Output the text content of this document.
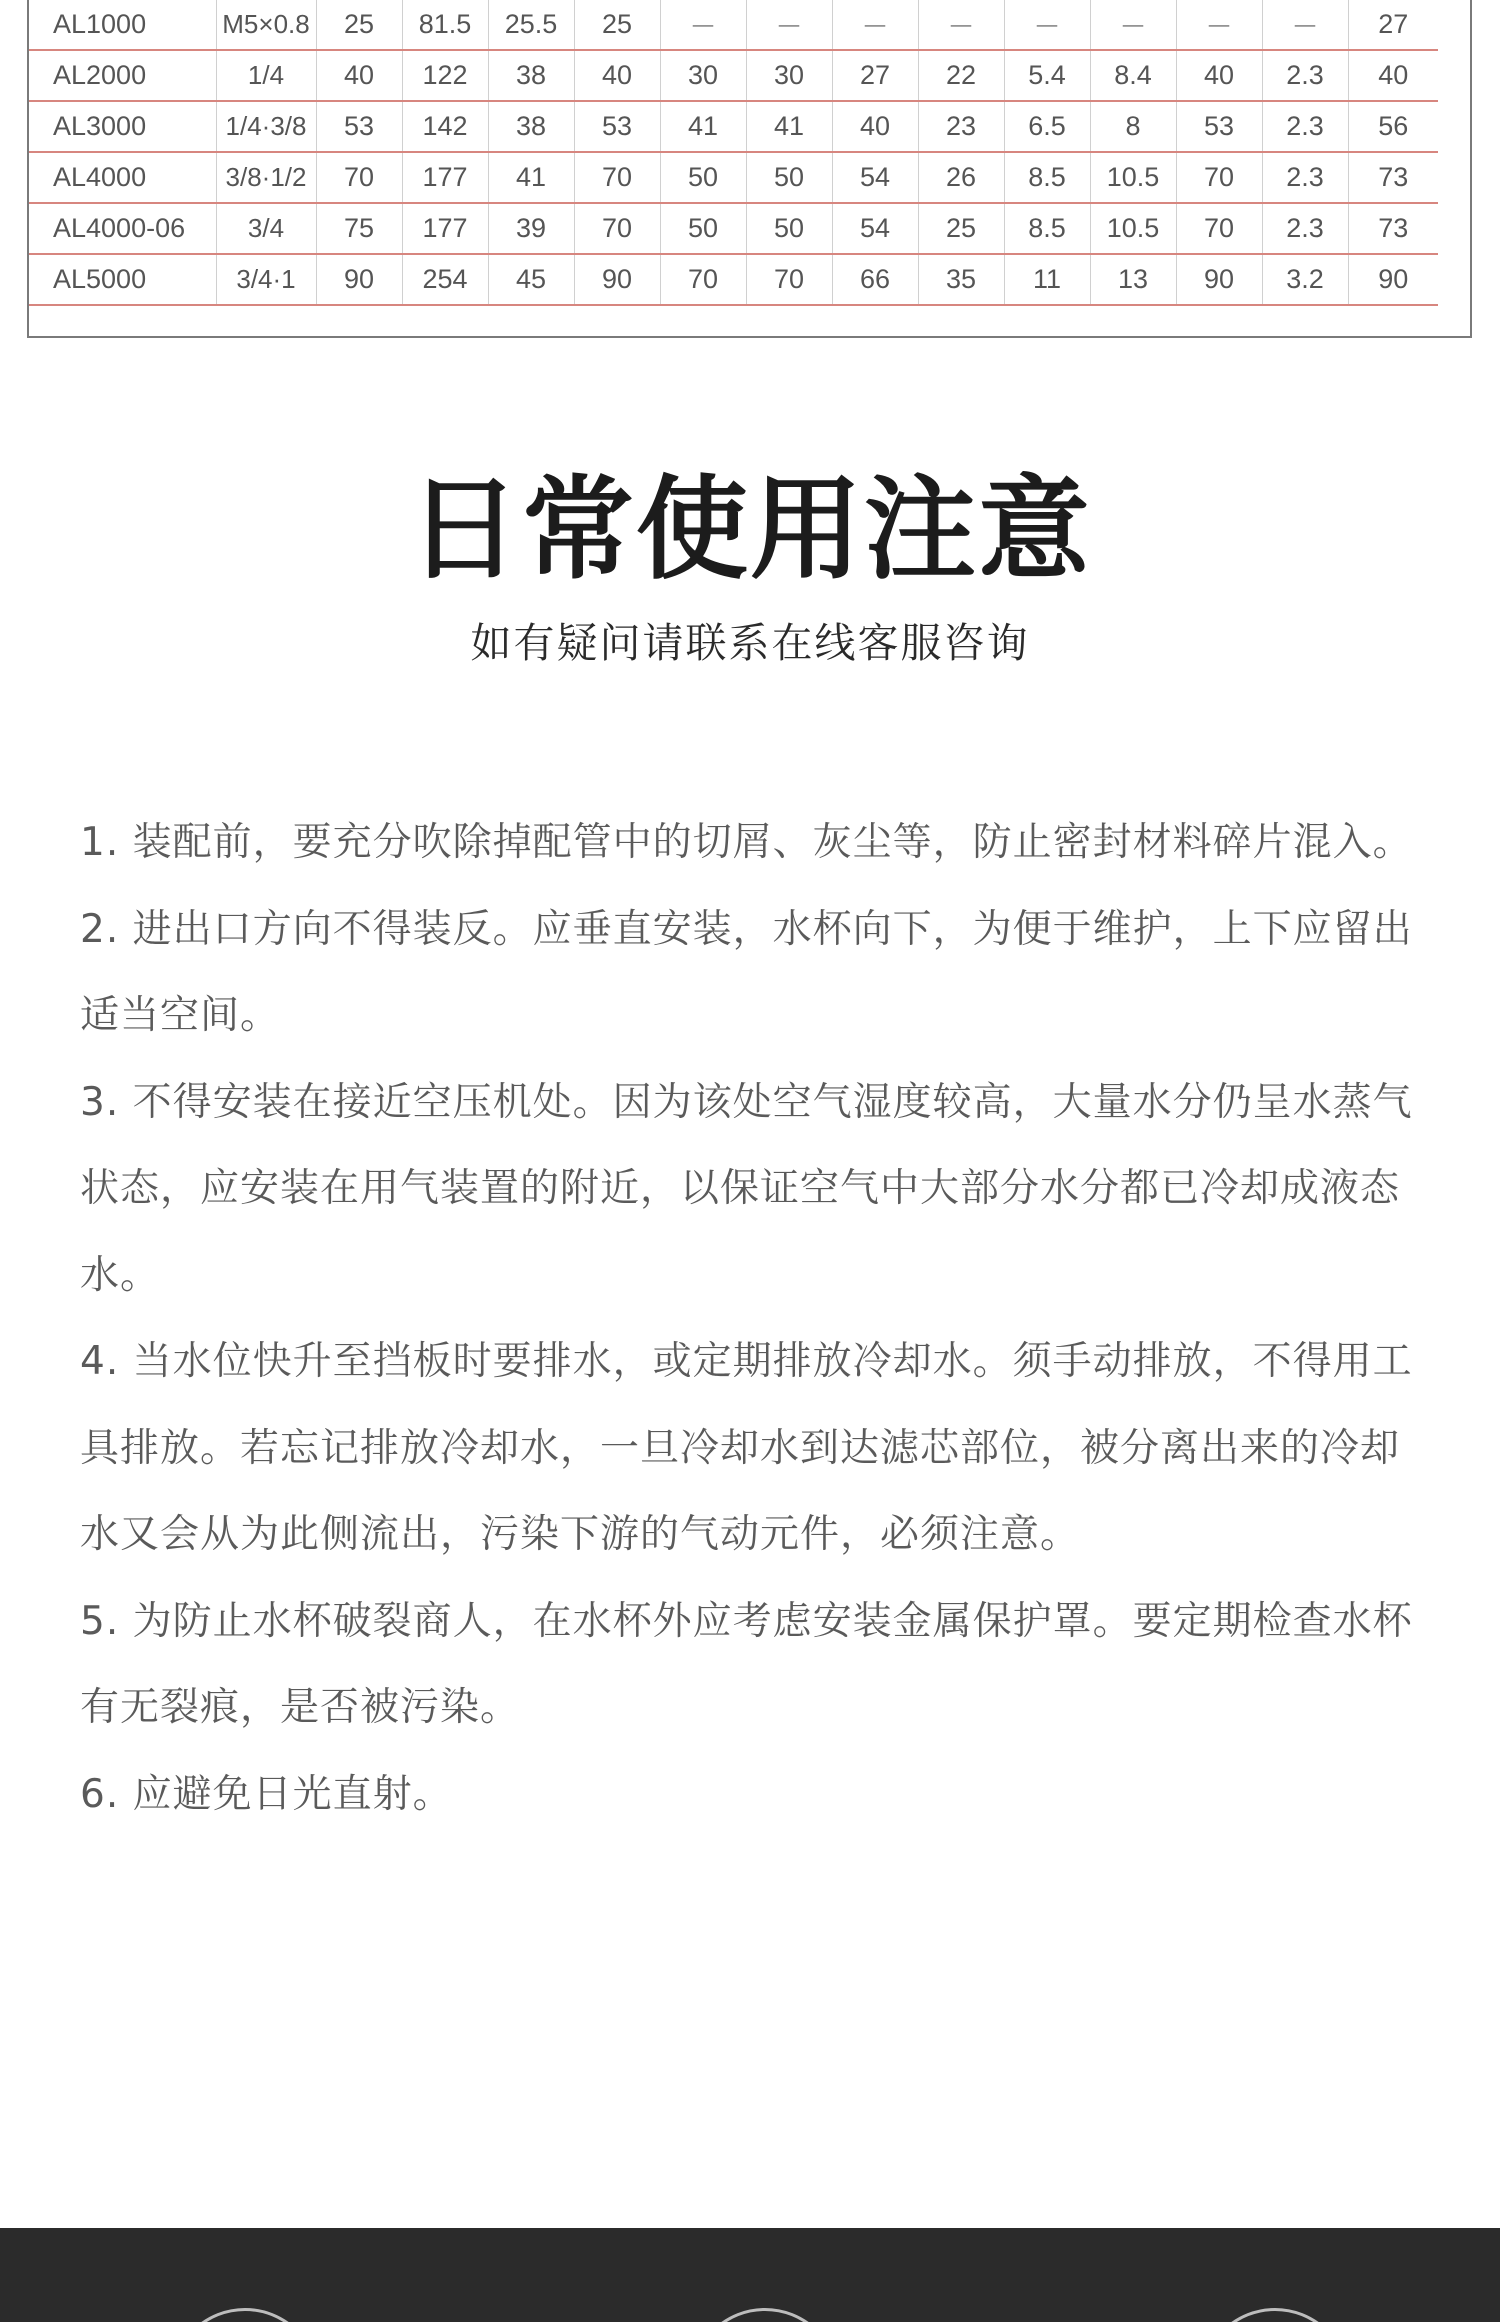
AL1000	M5×0.8	25	81.5	25.5	25	－	－	－	－	－	－	－	－	27
AL2000	1/4	40	122	38	40	30	30	27	22	5.4	8.4	40	2.3	40
AL3000	1/4·3/8	53	142	38	53	41	41	40	23	6.5	8	53	2.3	56
AL4000	3/8·1/2	70	177	41	70	50	50	54	26	8.5	10.5	70	2.3	73
AL4000-06	3/4	75	177	39	70	50	50	54	25	8.5	10.5	70	2.3	73
AL5000	3/4·1	90	254	45	90	70	70	66	35	11	13	90	3.2	90
日常使用注意
如有疑问请联系在线客服咨询
1. 装配前，要充分吹除掉配管中的切屑、灰尘等，防止密封材料碎片混入。
2. 进出口方向不得装反。应垂直安装，水杯向下，为便于维护，上下应留出适当空间。
3. 不得安装在接近空压机处。因为该处空气湿度较高，大量水分仍呈水蒸气状态，应安装在用气装置的附近，以保证空气中大部分水分都已冷却成液态水。
4. 当水位快升至挡板时要排水，或定期排放冷却水。须手动排放，不得用工具排放。若忘记排放冷却水，一旦冷却水到达滤芯部位，被分离出来的冷却水又会从为此侧流出，污染下游的气动元件，必须注意。
5. 为防止水杯破裂商人，在水杯外应考虑安装金属保护罩。要定期检查水杯有无裂痕，是否被污染。
6. 应避免日光直射。
